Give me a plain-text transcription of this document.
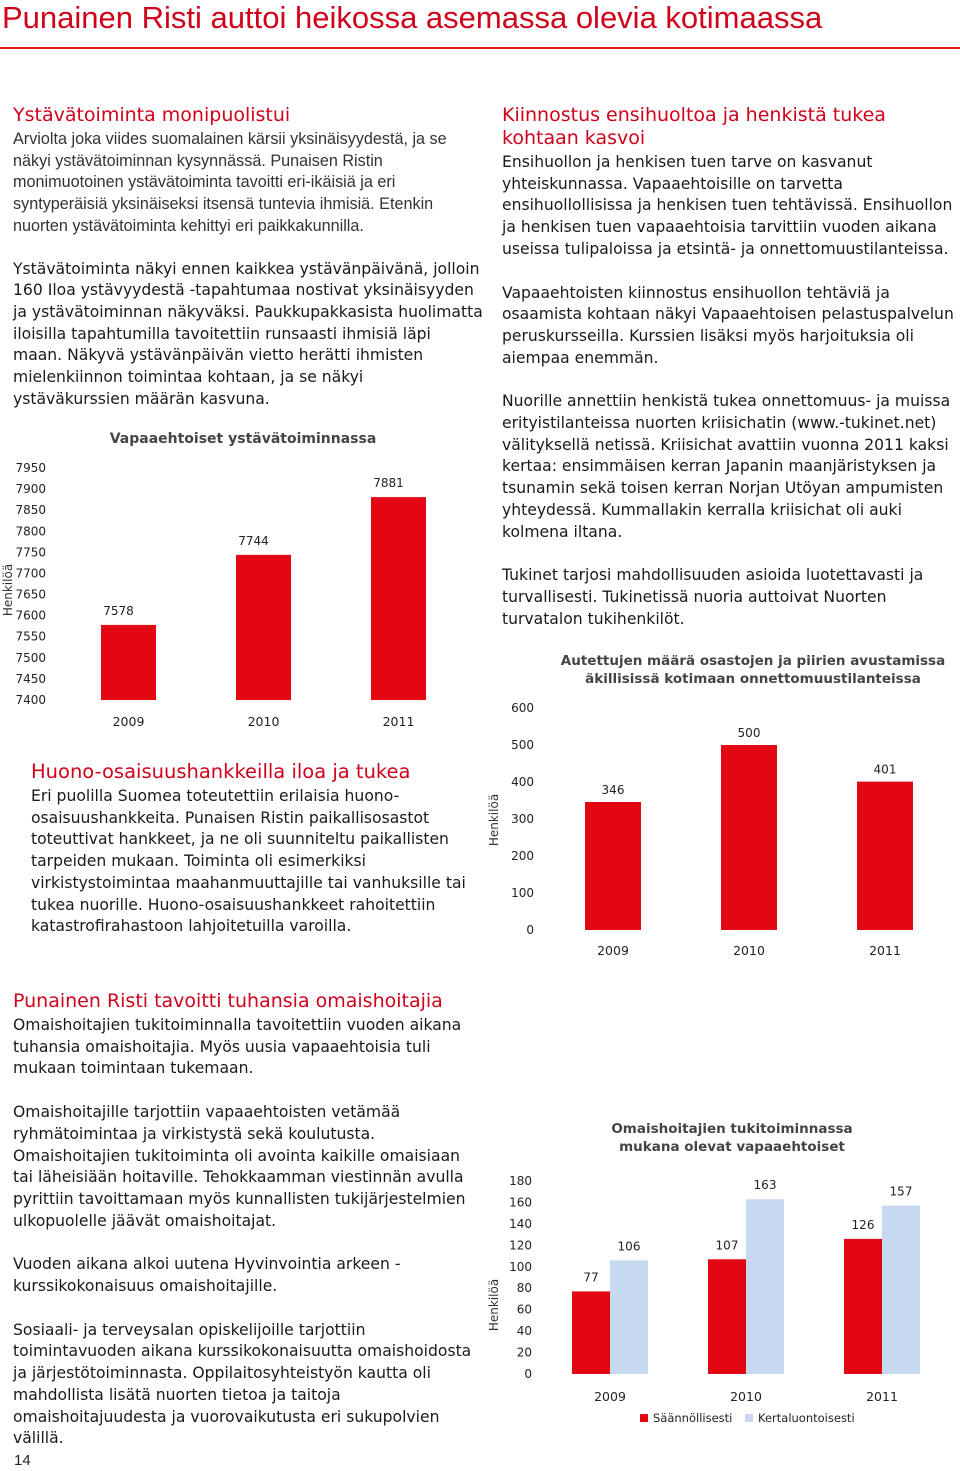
Punainen Risti auttoi heikossa asemassa olevia kotimaassa
Ystävätoiminta monipuolistui
Arviolta joka viides suomalainen kärsii yksinäisyydestä, ja se näkyi ystävätoiminnan kysynnässä. Punaisen Ristin monimuotoinen ystävätoiminta tavoitti eri-ikäisiä ja eri syntyperäisiä yksinäiseksi itsensä tuntevia ihmisiä. Etenkin nuorten ystävätoiminta kehittyi eri paikkakunnilla.
Ystävätoiminta näkyi ennen kaikkea ystävänpäivänä, jolloin 160 Iloa ystävyydestä -tapahtumaa nostivat yksinäisyyden ja ystävätoiminnan näkyväksi. Paukkupakkasista huolimatta iloisilla tapahtumilla tavoitettiin runsaasti ihmisiä läpi maan. Näkyvä ystävänpäivän vietto herätti ihmisten mielenkiinnon toimintaa kohtaan, ja se näkyi ystäväkurssien määrän kasvuna.
Vapaaehtoiset ystävätoiminnassa
Henkilöä
7950
7900
7850
7800
7750
7700
7650
7600
7550
7500
7450
7400
7578
2009
7744
2010
7881
2011
Huono-osaisuushankkeilla iloa ja tukea
Eri puolilla Suomea toteutettiin erilaisia huono-osaisuushankkeita. Punaisen Ristin paikallisosastot toteuttivat hankkeet, ja ne oli suunniteltu paikallisten tarpeiden mukaan. Toiminta oli esimerkiksi virkistystoimintaa maahanmuuttajille tai vanhuksille tai tukea nuorille. Huono-osaisuushankkeet rahoitettiin katastrofirahastoon lahjoitetuilla varoilla.
Kiinnostus ensihuoltoa ja henkistä tukea kohtaan kasvoi
Ensihuollon ja henkisen tuen tarve on kasvanut yhteiskunnassa. Vapaaehtoisille on tarvetta ensihuollollisissa ja henkisen tuen tehtävissä. Ensihuollon ja henkisen tuen vapaaehtoisia tarvittiin vuoden aikana useissa tulipaloissa ja etsintä- ja onnettomuustilanteissa.
Vapaaehtoisten kiinnostus ensihuollon tehtäviä ja osaamista kohtaan näkyi Vapaaehtoisen pelastuspalvelun peruskursseilla. Kurssien lisäksi myös harjoituksia oli aiempaa enemmän.
Nuorille annettiin henkistä tukea onnettomuus- ja muissa erityistilanteissa nuorten kriisichatin (www.-tukinet.net) välityksellä netissä. Kriisichat avattiin vuonna 2011 kaksi kertaa: ensimmäisen kerran Japanin maanjäristyksen ja tsunamin sekä toisen kerran Norjan Utöyan ampumisten yhteydessä. Kummallakin kerralla kriisichat oli auki kolmena iltana.
Tukinet tarjosi mahdollisuuden asioida luotettavasti ja turvallisesti. Tukinetissä nuoria auttoivat Nuorten turvatalon tukihenkilöt.
Autettujen määrä osastojen ja piirien avustamissa
äkillisissä kotimaan onnettomuustilanteissa
Henkilöä
600
500
400
300
200
100
0
346
2009
500
2010
401
2011
Punainen Risti tavoitti tuhansia omaishoitajia
Omaishoitajien tukitoiminnalla tavoitettiin vuoden aikana tuhansia omaishoitajia. Myös uusia vapaaehtoisia tuli mukaan toimintaan tukemaan.
Omaishoitajille tarjottiin vapaaehtoisten vetämää ryhmätoimintaa ja virkistystä sekä koulutusta. Omaishoitajien tukitoiminta oli avointa kaikille omaisiaan tai läheisiään hoitaville. Tehokkaamman viestinnän avulla pyrittiin tavoittamaan myös kunnallisten tukijärjestelmien ulkopuolelle jäävät omaishoitajat.
Vuoden aikana alkoi uutena Hyvinvointia arkeen -kurssikokonaisuus omaishoitajille.
Sosiaali- ja terveysalan opiskelijoille tarjottiin toimintavuoden aikana kurssikokonaisuutta omaishoidosta ja järjestötoiminnasta. Oppilaitosyhteistyön kautta oli mahdollista lisätä nuorten tietoa ja taitoja omaishoitajuudesta ja vuorovaikutusta eri sukupolvien välillä.
Omaishoitajien tukitoiminnassa
mukana olevat vapaaehtoiset
Henkilöä
180
160
140
120
100
80
60
40
20
0
77
106
2009
107
163
2010
126
157
2011
Säännöllisesti Kertaluontoisesti
14
